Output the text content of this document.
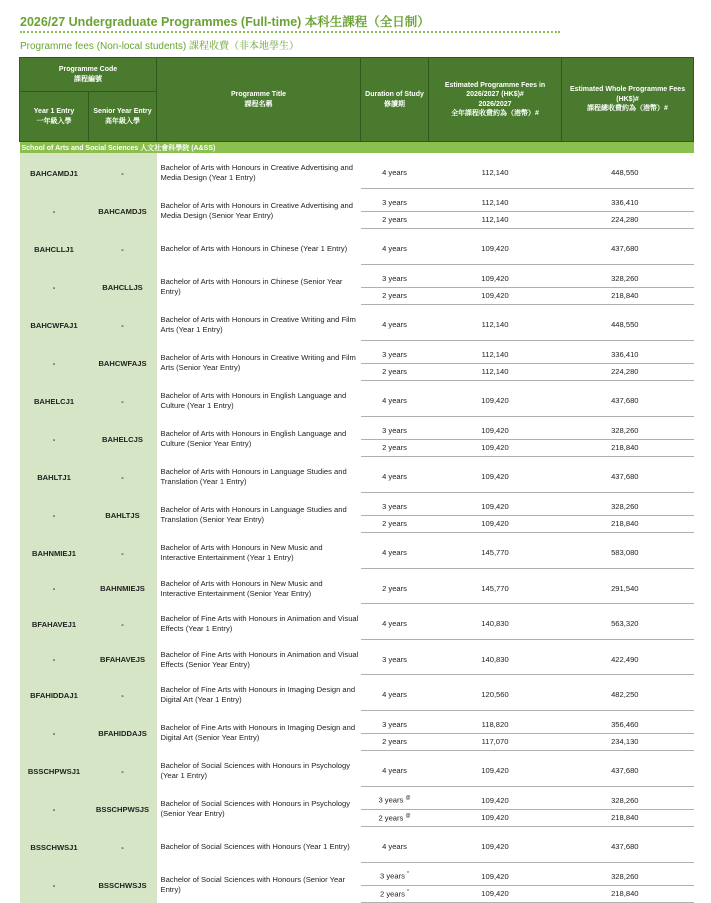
2026/27 Undergraduate Programmes (Full-time) 本科生課程（全日制）
Programme fees (Non-local students) 課程收費（非本地學生）
Programme Code
課程編號		Programme Title
課程名稱	Duration of Study
修讀期	Estimated Programme Fees in
2026/2027 (HK$)#
2026/2027
全年課程收費約為（港幣）#	Estimated Whole Programme Fees
(HK$)#
課程總收費約為（港幣）#
Year 1 Entry
一年級入學	Senior Year Entry
高年級入學				
School of Arts and Social Sciences 人文社會科學院 (A&SS)					

BAHCAMDJ1	-	Bachelor of Arts with Honours in Creative Advertising and Media Design (Year 1 Entry)	4 years	112,140	448,550

-	BAHCAMDJS	Bachelor of Arts with Honours in Creative Advertising and Media Design (Senior Year Entry)	3 years	112,140	336,410
			2 years	112,140	224,280

BAHCLLJ1	-	Bachelor of Arts with Honours in Chinese (Year 1 Entry)	4 years	109,420	437,680

-	BAHCLLJS	Bachelor of Arts with Honours in Chinese (Senior Year Entry)	3 years	109,420	328,260
			2 years	109,420	218,840

BAHCWFAJ1	-	Bachelor of Arts with Honours in Creative Writing and Film Arts (Year 1 Entry)	4 years	112,140	448,550

-	BAHCWFAJS	Bachelor of Arts with Honours in Creative Writing and Film Arts (Senior Year Entry)	3 years	112,140	336,410
			2 years	112,140	224,280

BAHELCJ1	-	Bachelor of Arts with Honours in English Language and Culture (Year 1 Entry)	4 years	109,420	437,680

-	BAHELCJS	Bachelor of Arts with Honours in English Language and Culture (Senior Year Entry)	3 years	109,420	328,260
			2 years	109,420	218,840

BAHLTJ1	-	Bachelor of Arts with Honours in Language Studies and Translation (Year 1 Entry)	4 years	109,420	437,680

-	BAHLTJS	Bachelor of Arts with Honours in Language Studies and Translation (Senior Year Entry)	3 years	109,420	328,260
			2 years	109,420	218,840

BAHNMIEJ1	-	Bachelor of Arts with Honours in New Music and Interactive Entertainment (Year 1 Entry)	4 years	145,770	583,080

-	BAHNMIEJS	Bachelor of Arts with Honours in New Music and Interactive Entertainment (Senior Year Entry)	2 years	145,770	291,540

BFAHAVEJ1	-	Bachelor of Fine Arts with Honours in Animation and Visual Effects (Year 1 Entry)	4 years	140,830	563,320

-	BFAHAVEJS	Bachelor of Fine Arts with Honours in Animation and Visual Effects (Senior Year Entry)	3 years	140,830	422,490

BFAHIDDAJ1	-	Bachelor of Fine Arts with Honours in Imaging Design and Digital Art (Year 1 Entry)	4 years	120,560	482,250

-	BFAHIDDAJS	Bachelor of Fine Arts with Honours in Imaging Design and Digital Art (Senior Year Entry)	3 years	118,820	356,460
			2 years	117,070	234,130

BSSCHPWSJ1	-	Bachelor of Social Sciences with Honours in Psychology (Year 1 Entry)	4 years	109,420	437,680

-	BSSCHPWSJS	Bachelor of Social Sciences with Honours in Psychology (Senior Year Entry)	3 years @	109,420	328,260
			2 years @	109,420	218,840

BSSCHWSJ1	-	Bachelor of Social Sciences with Honours (Year 1 Entry)	4 years	109,420	437,680

-	BSSCHWSJS	Bachelor of Social Sciences with Honours (Senior Year Entry)	3 years *	109,420	328,260
			2 years *	109,420	218,840
